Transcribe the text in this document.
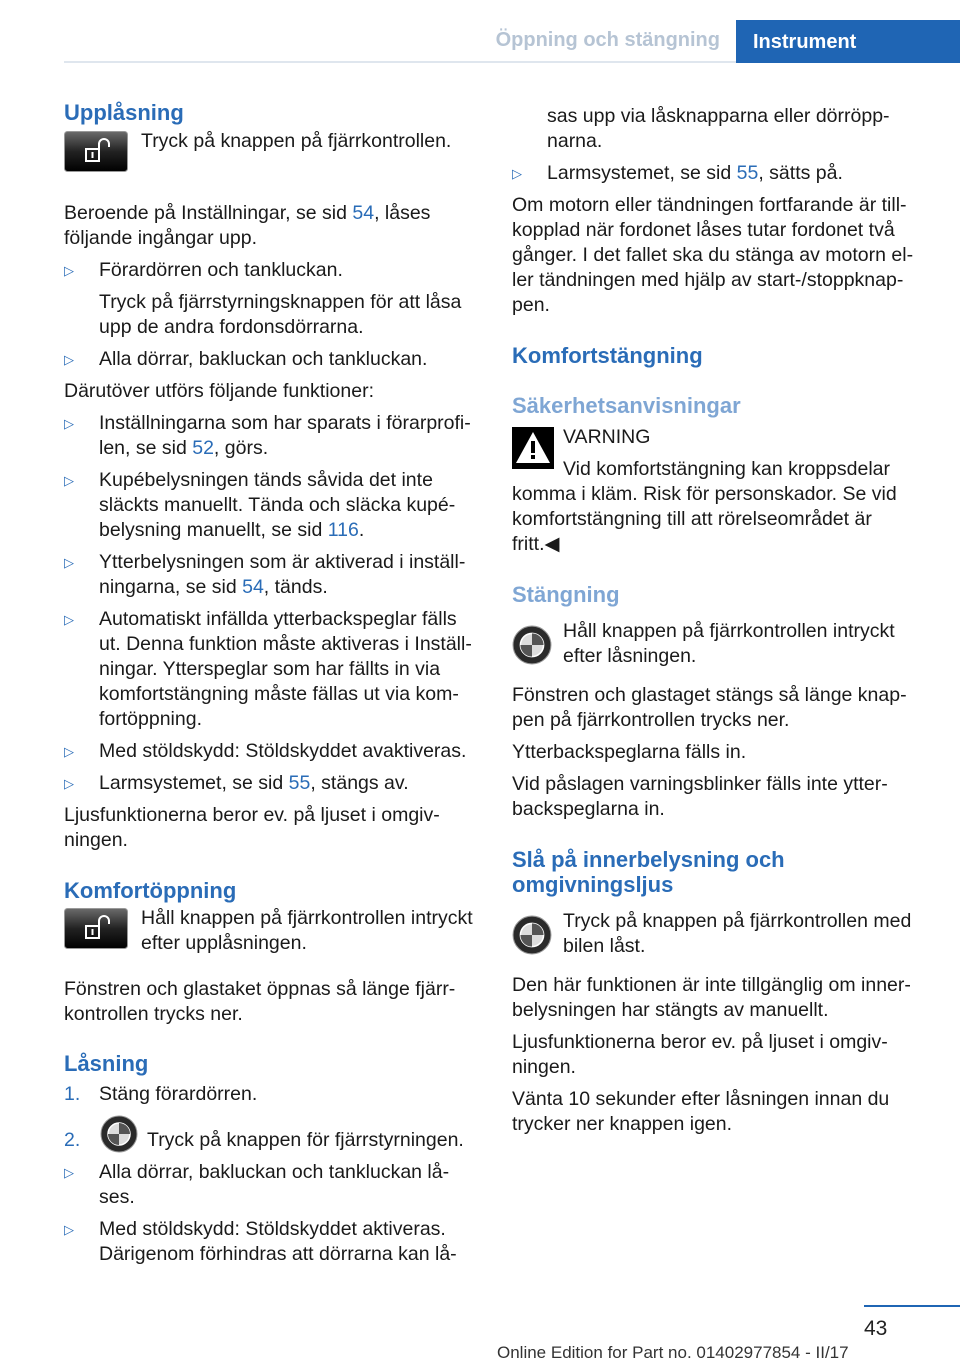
Öppning och stängning	Instrument
Upplåsning

Tryck på knappen på fjärrkontrollen.

Beroende på Inställningar, se sid 54, låses

följande ingångar upp.

▷ Förardörren och tankluckan.

Tryck på fjärrstyrningsknappen för att låsa

upp de andra fordonsdörrarna.

▷ Alla dörrar, bakluckan och tankluckan.

Därutöver utförs följande funktioner:

▷ Inställningarna som har sparats i förarprofi‐

len, se sid 52, görs.

▷ Kupébelysningen tänds såvida det inte

släckts manuellt. Tända och släcka kupé‐

belysning manuellt, se sid 116.

▷ Ytterbelysningen som är aktiverad i inställ‐

ningarna, se sid 54, tänds.

▷ Automatiskt infällda ytterbackspeglar fälls

ut. Denna funktion måste aktiveras i Inställ‐

ningar. Ytterspeglar som har fällts in via

komfortstängning måste fällas ut via kom‐

fortöppning.

▷ Med stöldskydd: Stöldskyddet avaktiveras.

▷ Larmsystemet, se sid 55, stängs av.

Ljusfunktionerna beror ev. på ljuset i omgiv‐

ningen.

Komfortöppning

Håll knappen på fjärrkontrollen intryckt

efter upplåsningen.

Fönstren och glastaket öppnas så länge fjärr‐

kontrollen trycks ner.

Låsning
1. Stäng förardörren.

2.	Tryck på knappen för fjärrstyrningen.

▷ Alla dörrar, bakluckan och tankluckan lå‐

ses.

▷ Med stöldskydd: Stöldskyddet aktiveras.

Därigenom förhindras att dörrarna kan lå‐

sas upp via låsknapparna eller dörröpp‐

narna.

▷ Larmsystemet, se sid 55, sätts på.

Om motorn eller tändningen fortfarande är till‐

kopplad när fordonet låses tutar fordonet två

gånger. I det fallet ska du stänga av motorn el‐

ler tändningen med hjälp av start-/stoppknap‐

pen.

Komfortstängning
Säkerhetsanvisningar

VARNING

Vid komfortstängning kan kroppsdelar

komma i kläm. Risk för personskador. Se vid

komfortstängning till att rörelseområdet är

fritt.◀

Stängning

Håll knappen på fjärrkontrollen intryckt

efter låsningen.

Fönstren och glastaget stängs så länge knap‐

pen på fjärrkontrollen trycks ner.

Ytterbackspeglarna fälls in.

Vid påslagen varningsblinker fälls inte ytter‐

backspeglarna in.

Slå på innerbelysning och
omgivningsljus

Tryck på knappen på fjärrkontrollen med

bilen låst.

Den här funktionen är inte tillgänglig om inner‐

belysningen har stängts av manuellt.

Ljusfunktionerna beror ev. på ljuset i omgiv‐

ningen.

Vänta 10 sekunder efter låsningen innan du

trycker ner knappen igen.

43
Online Edition for Part no. 01402977854 - II/17
